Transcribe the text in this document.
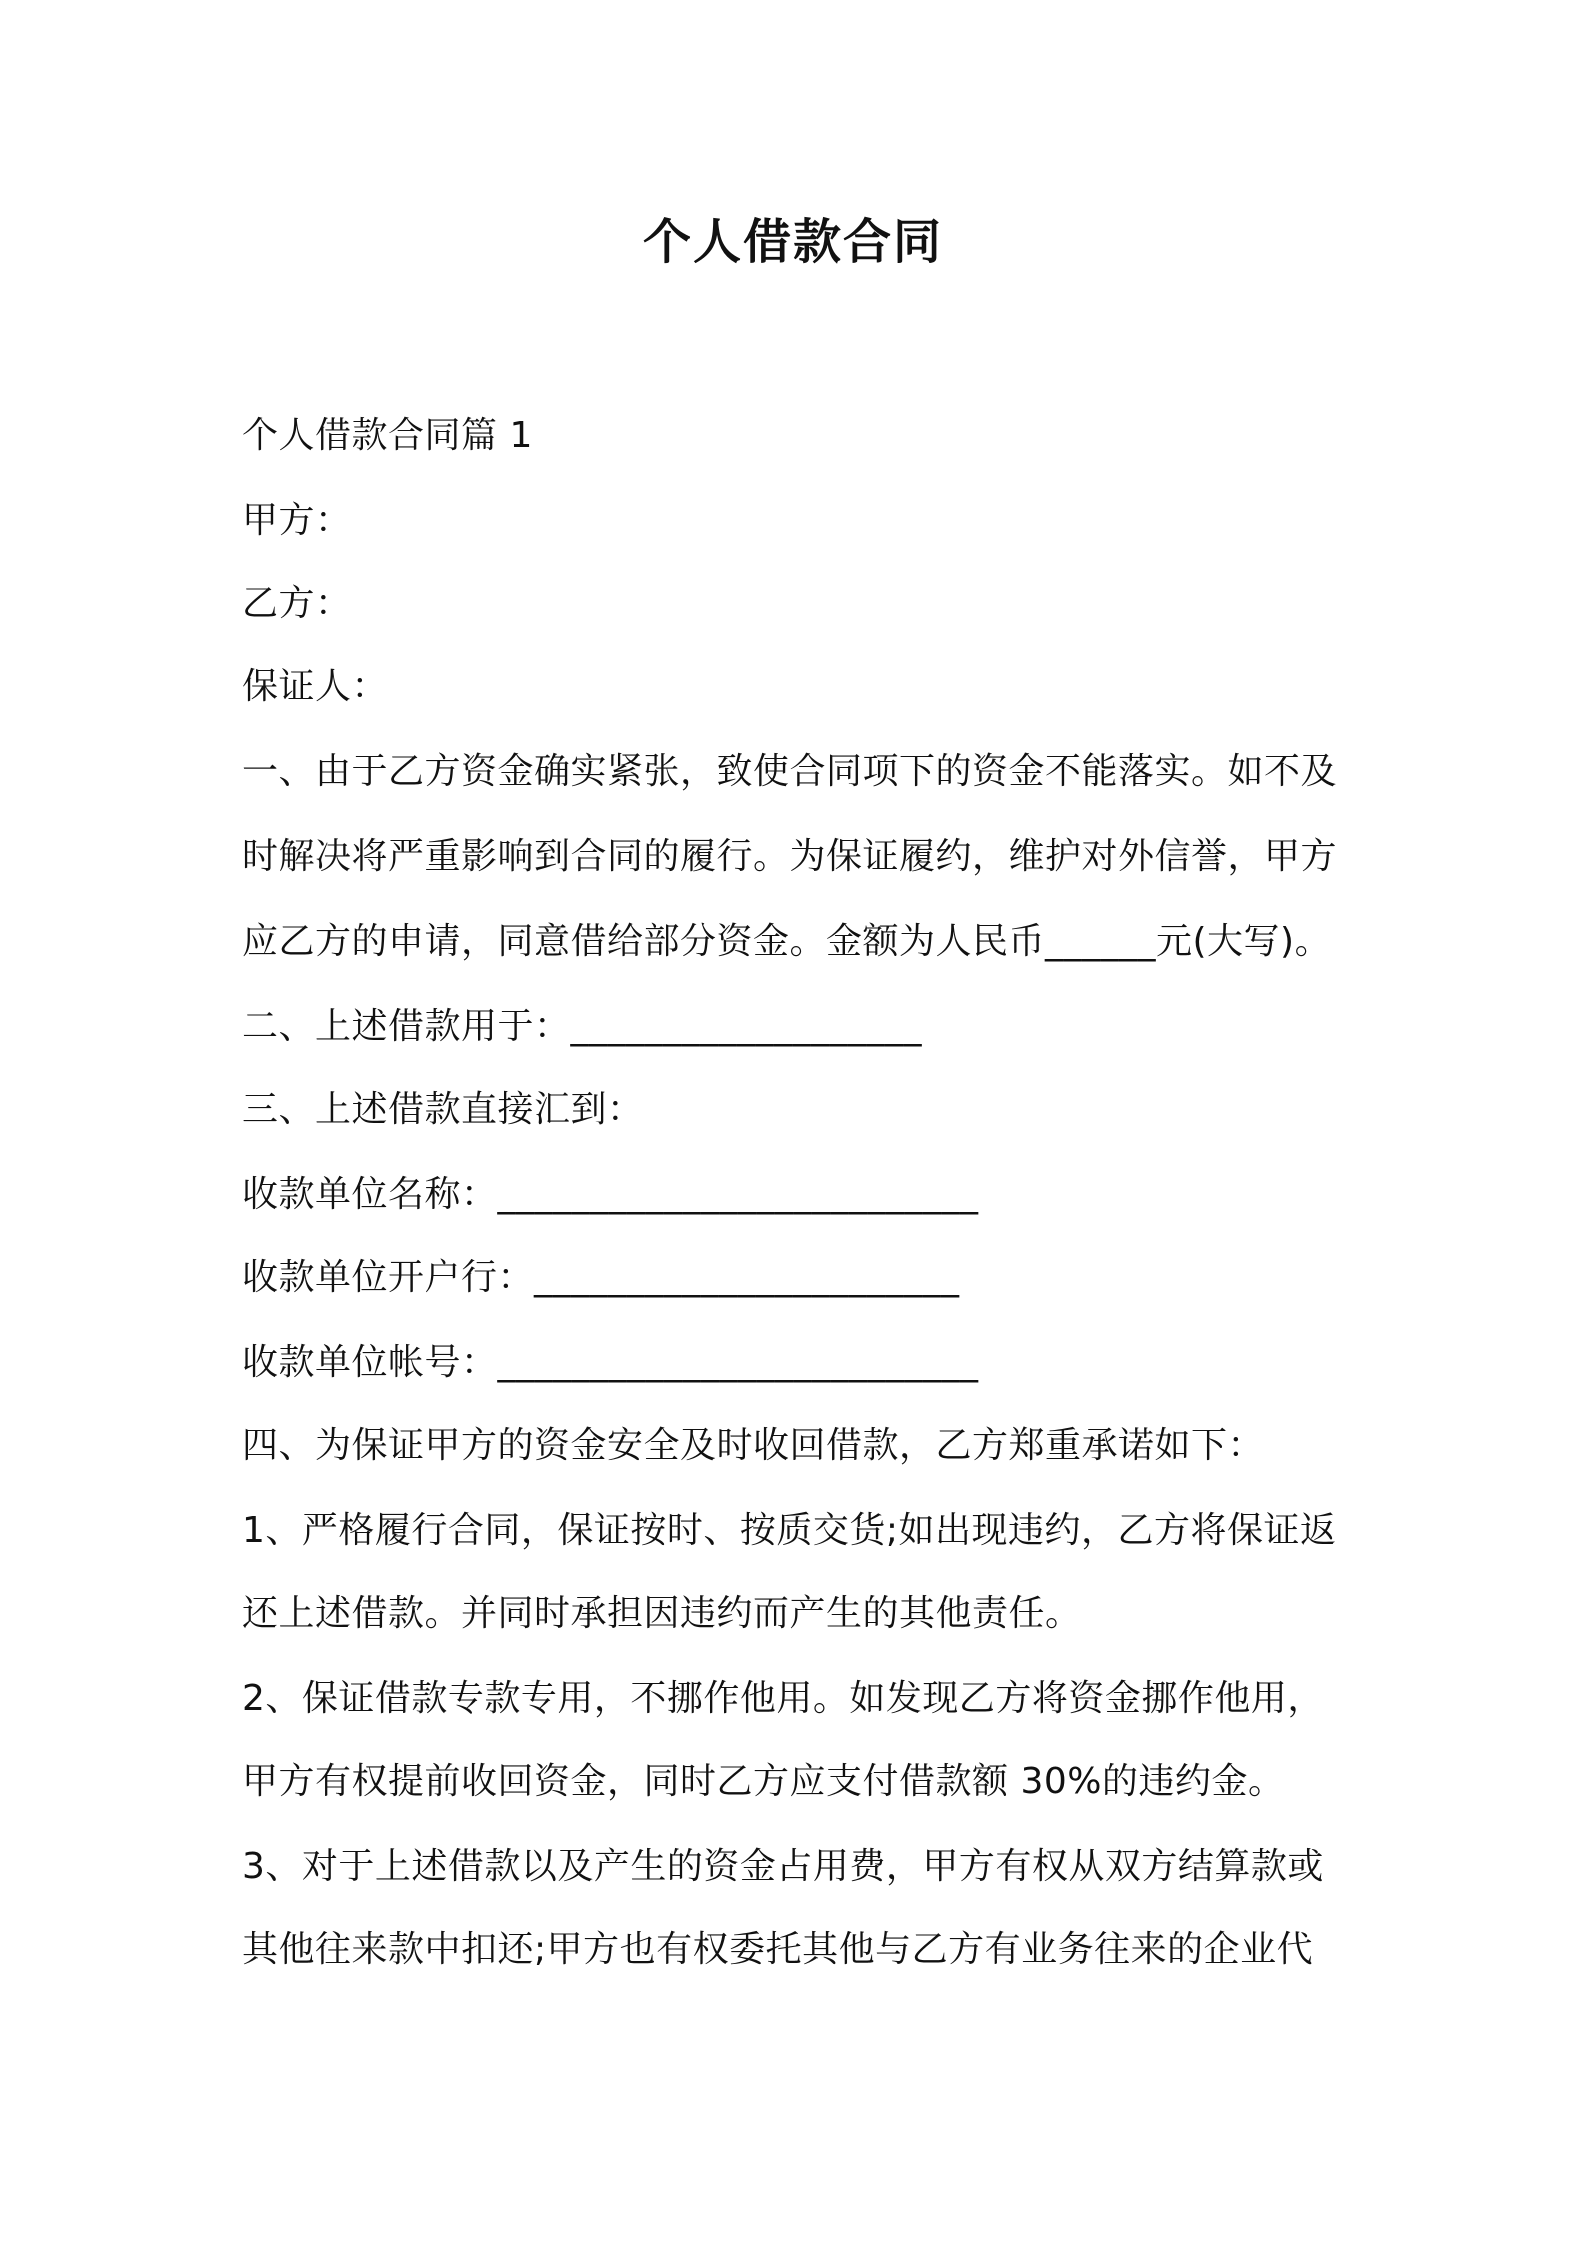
个人借款合同
个人借款合同篇 1
甲方：
乙方：
保证人：
一、由于乙方资金确实紧张，致使合同项下的资金不能落实。如不及
时解决将严重影响到合同的履行。为保证履约，维护对外信誉，甲方
应乙方的申请，同意借给部分资金。金额为人民币______元(大写)。
二、上述借款用于：___________________
三、上述借款直接汇到：
收款单位名称：__________________________
收款单位开户行：_______________________
收款单位帐号：__________________________
四、为保证甲方的资金安全及时收回借款，乙方郑重承诺如下：
1、严格履行合同，保证按时、按质交货;如出现违约，乙方将保证返
还上述借款。并同时承担因违约而产生的其他责任。
2、保证借款专款专用，不挪作他用。如发现乙方将资金挪作他用，
甲方有权提前收回资金，同时乙方应支付借款额 30%的违约金。
3、对于上述借款以及产生的资金占用费，甲方有权从双方结算款或
其他往来款中扣还;甲方也有权委托其他与乙方有业务往来的企业代
